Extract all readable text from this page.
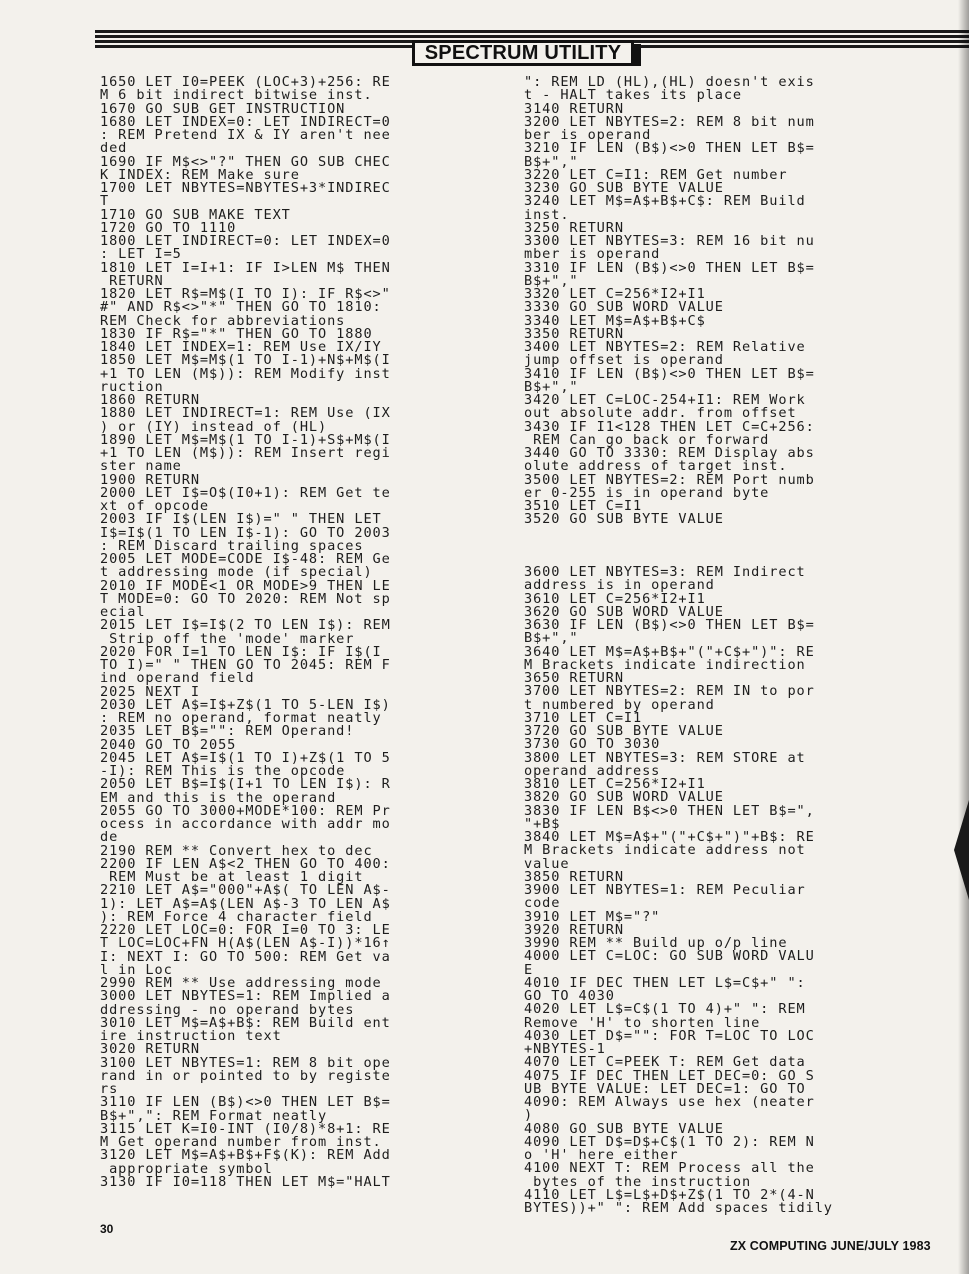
SPECTRUM UTILITY
1650 LET I0=PEEK (LOC+3)+256: RE
M 6 bit indirect bitwise inst.
1670 GO SUB GET INSTRUCTION
1680 LET INDEX=0: LET INDIRECT=0
: REM Pretend IX & IY aren't nee
ded
1690 IF M$<>"?" THEN GO SUB CHEC
K INDEX: REM Make sure
1700 LET NBYTES=NBYTES+3*INDIREC
T
1710 GO SUB MAKE TEXT
1720 GO TO 1110
1800 LET INDIRECT=0: LET INDEX=0
: LET I=5
1810 LET I=I+1: IF I>LEN M$ THEN
RETURN
1820 LET R$=M$(I TO I): IF R$<>"
#" AND R$<>"*" THEN GO TO 1810:
REM Check for abbreviations
1830 IF R$="*" THEN GO TO 1880
1840 LET INDEX=1: REM Use IX/IY
1850 LET M$=M$(1 TO I-1)+N$+M$(I
+1 TO LEN (M$)): REM Modify inst
ruction
1860 RETURN
1880 LET INDIRECT=1: REM Use (IX
) or (IY) instead of (HL)
1890 LET M$=M$(1 TO I-1)+S$+M$(I
+1 TO LEN (M$)): REM Insert regi
ster name
1900 RETURN
2000 LET I$=O$(I0+1): REM Get te
xt of opcode
2003 IF I$(LEN I$)=" " THEN LET
I$=I$(1 TO LEN I$-1): GO TO 2003
: REM Discard trailing spaces
2005 LET MODE=CODE I$-48: REM Ge
t addressing mode (if special)
2010 IF MODE<1 OR MODE>9 THEN LE
T MODE=0: GO TO 2020: REM Not sp
ecial
2015 LET I$=I$(2 TO LEN I$): REM
Strip off the 'mode' marker
2020 FOR I=1 TO LEN I$: IF I$(I
TO I)=" " THEN GO TO 2045: REM F
ind operand field
2025 NEXT I
2030 LET A$=I$+Z$(1 TO 5-LEN I$)
: REM no operand, format neatly
2035 LET B$="": REM Operand!
2040 GO TO 2055
2045 LET A$=I$(1 TO I)+Z$(1 TO 5
-I): REM This is the opcode
2050 LET B$=I$(I+1 TO LEN I$): R
EM and this is the operand
2055 GO TO 3000+MODE*100: REM Pr
ocess in accordance with addr mo
de
2190 REM ** Convert hex to dec
2200 IF LEN A$<2 THEN GO TO 400:
REM Must be at least 1 digit
2210 LET A$="000"+A$( TO LEN A$-
1): LET A$=A$(LEN A$-3 TO LEN A$
): REM Force 4 character field
2220 LET LOC=0: FOR I=0 TO 3: LE
T LOC=LOC+FN H(A$(LEN A$-I))*16↑
I: NEXT I: GO TO 500: REM Get va
l in Loc
2990 REM ** Use addressing mode
3000 LET NBYTES=1: REM Implied a
ddressing - no operand bytes
3010 LET M$=A$+B$: REM Build ent
ire instruction text
3020 RETURN
3100 LET NBYTES=1: REM 8 bit ope
rand in or pointed to by registe
rs
3110 IF LEN (B$)<>0 THEN LET B$=
B$+",": REM Format neatly
3115 LET K=I0-INT (I0/8)*8+1: RE
M Get operand number from inst.
3120 LET M$=A$+B$+F$(K): REM Add
appropriate symbol
3130 IF I0=118 THEN LET M$="HALT
": REM LD (HL),(HL) doesn't exis
t - HALT takes its place
3140 RETURN
3200 LET NBYTES=2: REM 8 bit num
ber is operand
3210 IF LEN (B$)<>0 THEN LET B$=
B$+","
3220 LET C=I1: REM Get number
3230 GO SUB BYTE VALUE
3240 LET M$=A$+B$+C$: REM Build
inst.
3250 RETURN
3300 LET NBYTES=3: REM 16 bit nu
mber is operand
3310 IF LEN (B$)<>0 THEN LET B$=
B$+","
3320 LET C=256*I2+I1
3330 GO SUB WORD VALUE
3340 LET M$=A$+B$+C$
3350 RETURN
3400 LET NBYTES=2: REM Relative
jump offset is operand
3410 IF LEN (B$)<>0 THEN LET B$=
B$+","
3420 LET C=LOC-254+I1: REM Work
out absolute addr. from offset
3430 IF I1<128 THEN LET C=C+256:
REM Can go back or forward
3440 GO TO 3330: REM Display abs
olute address of target inst.
3500 LET NBYTES=2: REM Port numb
er 0-255 is in operand byte
3510 LET C=I1
3520 GO SUB BYTE VALUE
3600 LET NBYTES=3: REM Indirect
address is in operand
3610 LET C=256*I2+I1
3620 GO SUB WORD VALUE
3630 IF LEN (B$)<>0 THEN LET B$=
B$+","
3640 LET M$=A$+B$+"("+C$+")": RE
M Brackets indicate indirection
3650 RETURN
3700 LET NBYTES=2: REM IN to por
t numbered by operand
3710 LET C=I1
3720 GO SUB BYTE VALUE
3730 GO TO 3030
3800 LET NBYTES=3: REM STORE at
operand address
3810 LET C=256*I2+I1
3820 GO SUB WORD VALUE
3830 IF LEN B$<>0 THEN LET B$=",
"+B$
3840 LET M$=A$+"("+C$+")"+B$: RE
M Brackets indicate address not
value
3850 RETURN
3900 LET NBYTES=1: REM Peculiar
code
3910 LET M$="?"
3920 RETURN
3990 REM ** Build up o/p line
4000 LET C=LOC: GO SUB WORD VALU
E
4010 IF DEC THEN LET L$=C$+" ":
GO TO 4030
4020 LET L$=C$(1 TO 4)+" ": REM
Remove 'H' to shorten line
4030 LET D$="": FOR T=LOC TO LOC
+NBYTES-1
4070 LET C=PEEK T: REM Get data
4075 IF DEC THEN LET DEC=0: GO S
UB BYTE VALUE: LET DEC=1: GO TO
4090: REM Always use hex (neater
)
4080 GO SUB BYTE VALUE
4090 LET D$=D$+C$(1 TO 2): REM N
o 'H' here either
4100 NEXT T: REM Process all the
bytes of the instruction
4110 LET L$=L$+D$+Z$(1 TO 2*(4-N
BYTES))+" ": REM Add spaces tidily
30
ZX COMPUTING JUNE/JULY 1983
